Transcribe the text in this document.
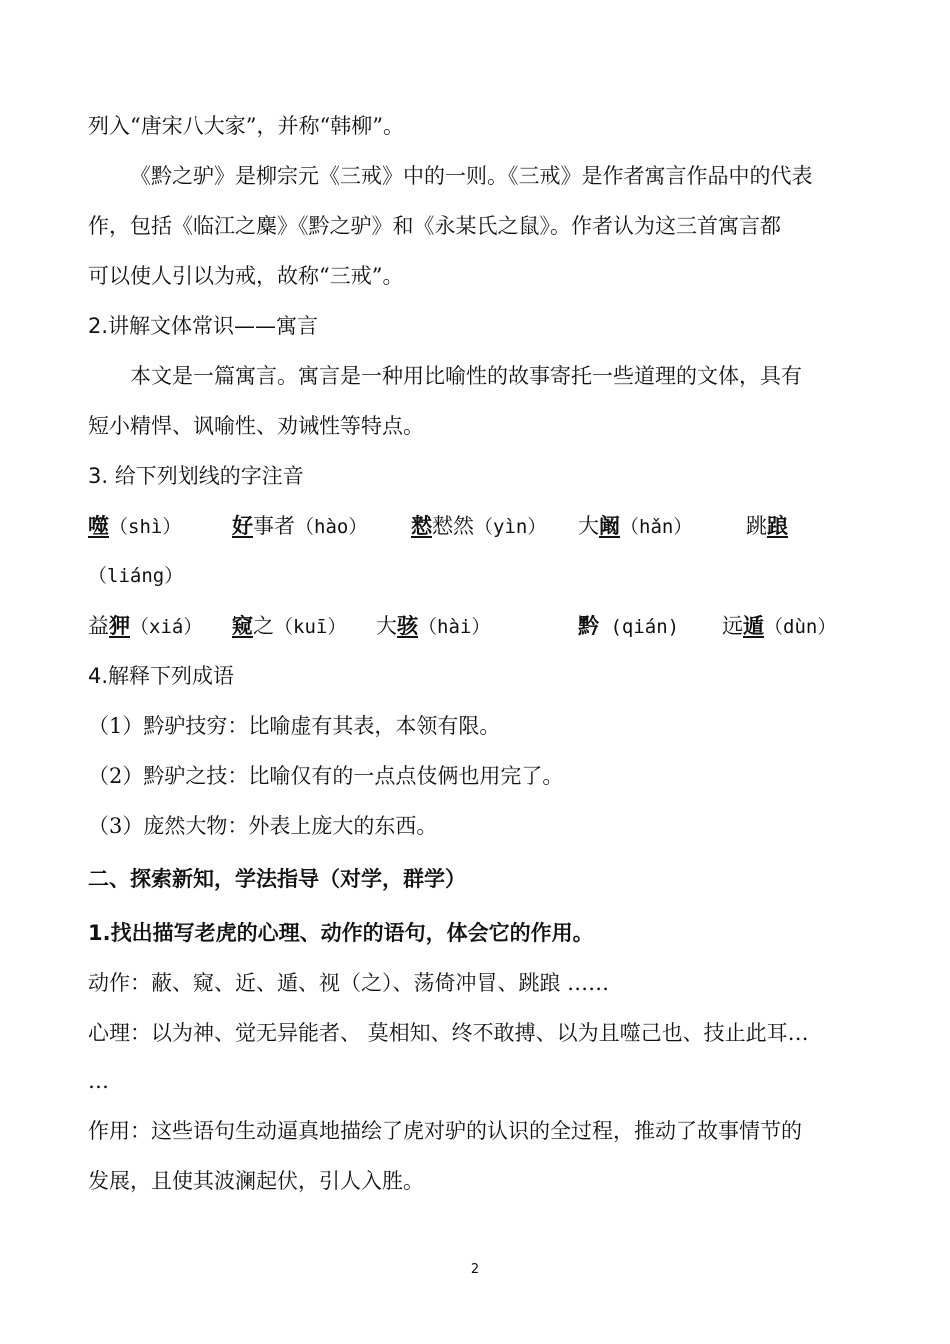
列入“唐宋八大家”，并称“韩柳”。
《黔之驴》是柳宗元《三戒》中的一则。《三戒》是作者寓言作品中的代表
作，包括《临江之麋》《黔之驴》和《永某氏之鼠》。作者认为这三首寓言都
可以使人引以为戒，故称“三戒”。
2.讲解文体常识——寓言
本文是一篇寓言。寓言是一种用比喻性的故事寄托一些道理的文体，具有
短小精悍、讽喻性、劝诫性等特点。
3. 给下列划线的字注音
噬（shì） 好事者（hào） 慭慭然（yìn） 大阚（hǎn）	跳踉
（liáng）
益狎（xiá） 窥之（kuī） 大骇（hài）	黔 (qián) 远遁（dùn）
4.解释下列成语
（1）黔驴技穷：比喻虚有其表，本领有限。
（2）黔驴之技：比喻仅有的一点点伎俩也用完了。
（3）庞然大物：外表上庞大的东西。
二、探索新知，学法指导（对学，群学）
1.找出描写老虎的心理、动作的语句，体会它的作用。
动作：蔽、窥、近、遁、视（之）、荡倚冲冒、跳踉 ……
心理：以为神、觉无异能者、 莫相知、终不敢搏、以为且噬己也、技止此耳…
…
作用：这些语句生动逼真地描绘了虎对驴的认识的全过程，推动了故事情节的
发展，且使其波澜起伏，引人入胜。
2
